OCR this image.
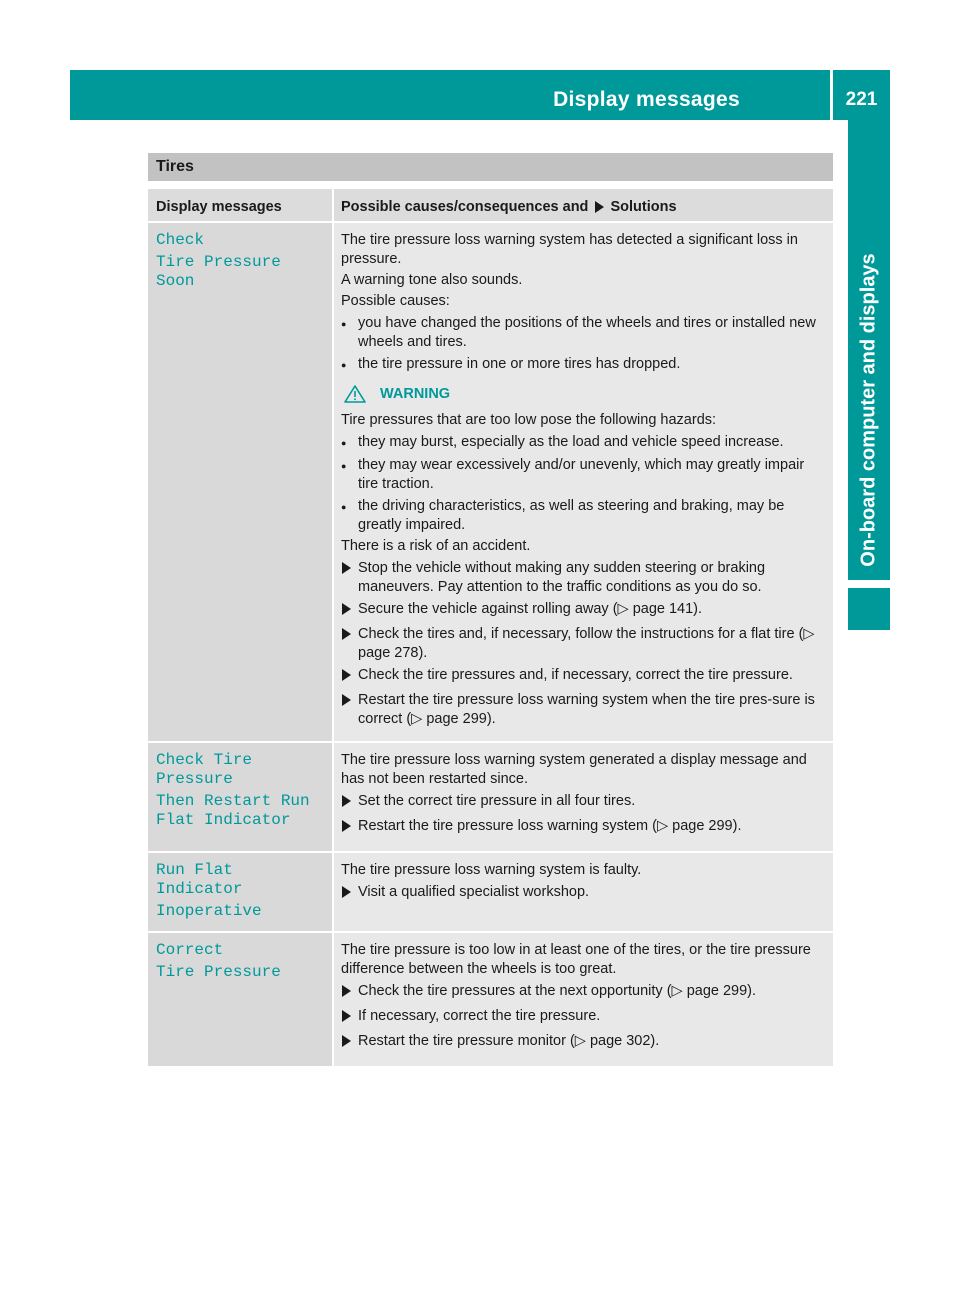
Display messages	221
On-board computer and displays
Tires
Display messages	Possible causes/consequences and Solutions
Check
Tire Pressure Soon
The tire pressure loss warning system has detected a significant loss in pressure.
A warning tone also sounds.
Possible causes:
● you have changed the positions of the wheels and tires or installed new wheels and tires.
● the tire pressure in one or more tires has dropped.
WARNING
Tire pressures that are too low pose the following hazards:
● they may burst, especially as the load and vehicle speed increase.
● they may wear excessively and/or unevenly, which may greatly impair tire traction.
● the driving characteristics, as well as steering and braking, may be greatly impaired.
There is a risk of an accident.
Stop the vehicle without making any sudden steering or braking maneuvers. Pay attention to the traffic conditions as you do so.
Secure the vehicle against rolling away (▷ page 141).
Check the tires and, if necessary, follow the instructions for a flat tire (▷ page 278).
Check the tire pressures and, if necessary, correct the tire pressure.
Restart the tire pressure loss warning system when the tire pres-sure is correct (▷ page 299).
Check Tire Pressure
Then Restart Run Flat Indicator
The tire pressure loss warning system generated a display message and has not been restarted since.
Set the correct tire pressure in all four tires.
Restart the tire pressure loss warning system (▷ page 299).
Run Flat Indicator
Inoperative
The tire pressure loss warning system is faulty.
Visit a qualified specialist workshop.
Correct
Tire Pressure
The tire pressure is too low in at least one of the tires, or the tire pressure difference between the wheels is too great.
Check the tire pressures at the next opportunity (▷ page 299).
If necessary, correct the tire pressure.
Restart the tire pressure monitor (▷ page 302).
